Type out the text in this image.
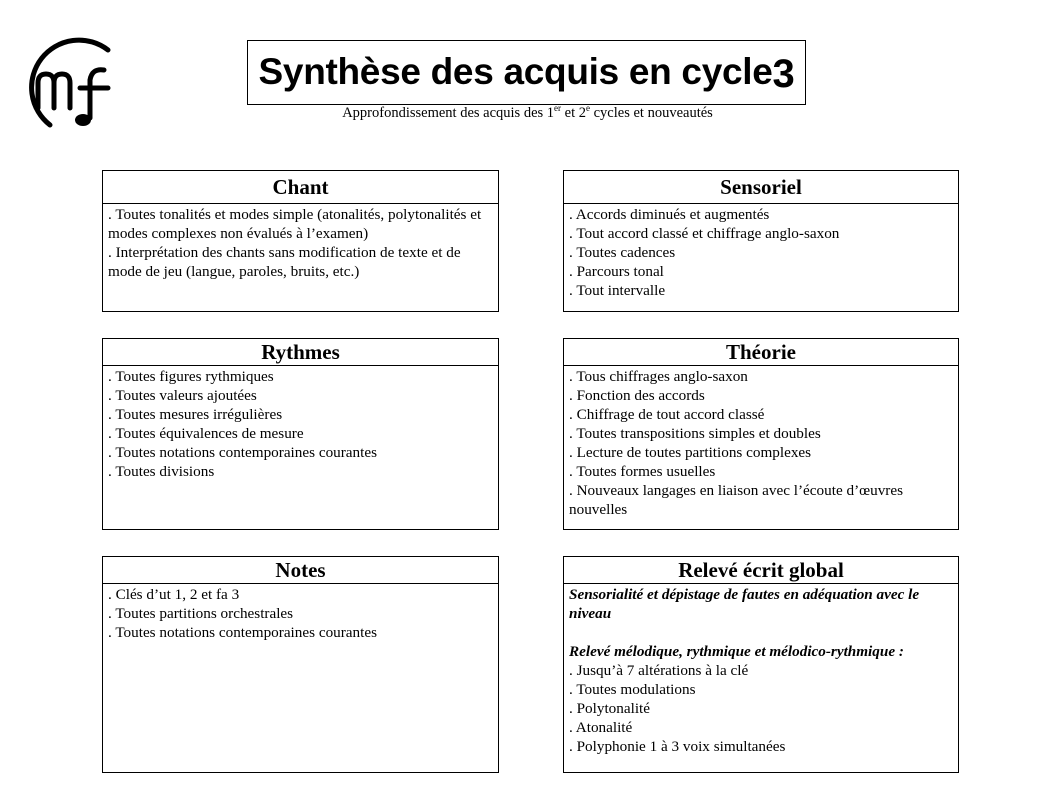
Synthèse des acquis en cycle3
Approfondissement des acquis des 1er et 2e cycles et nouveautés
Chant
. Toutes tonalités et modes simple (atonalités, polytonalités et modes complexes non évalués à l’examen)
. Interprétation des chants sans modification de texte et de mode de jeu (langue, paroles, bruits, etc.)
Sensoriel
. Accords diminués et augmentés
. Tout accord classé et chiffrage anglo-saxon
. Toutes cadences
. Parcours tonal
. Tout intervalle
Rythmes
. Toutes figures rythmiques
. Toutes valeurs ajoutées
. Toutes mesures irrégulières
. Toutes équivalences de mesure
. Toutes notations contemporaines courantes
. Toutes divisions
Théorie
. Tous chiffrages anglo-saxon
. Fonction des accords
. Chiffrage de tout accord classé
. Toutes transpositions simples et doubles
. Lecture de toutes partitions complexes
. Toutes formes usuelles
. Nouveaux langages en liaison avec l’écoute d’œuvres nouvelles
Notes
. Clés d’ut 1, 2 et fa 3
. Toutes partitions orchestrales
. Toutes notations contemporaines courantes
Relevé écrit global
Sensorialité et dépistage de fautes en adéquation avec le niveau
Relevé mélodique, rythmique et mélodico-rythmique :
. Jusqu’à 7 altérations à la clé
. Toutes modulations
. Polytonalité
. Atonalité
. Polyphonie 1 à 3 voix simultanées
